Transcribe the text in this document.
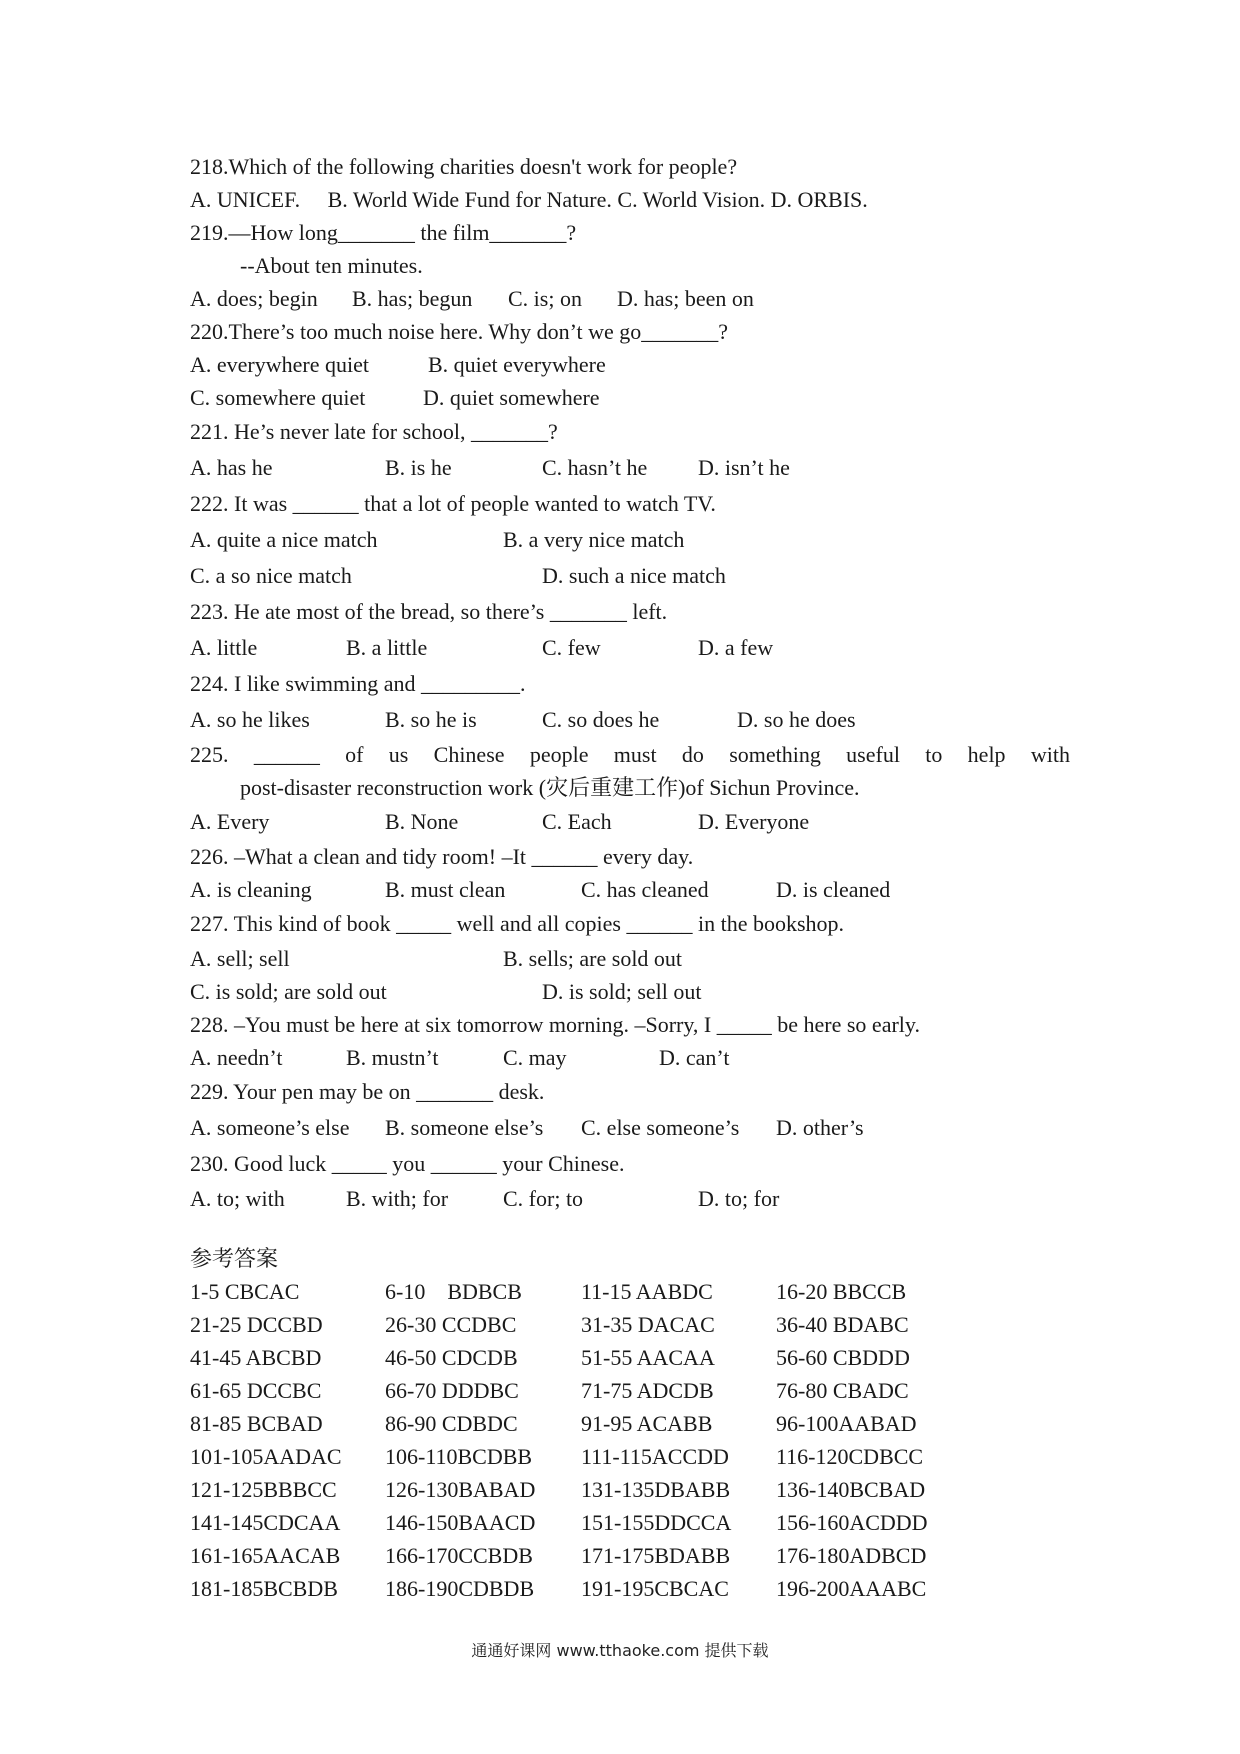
218.Which of the following charities doesn't work for people?
A. UNICEF. B. World Wide Fund for Nature. C. World Vision. D. ORBIS.
219.—How long_______ the film_______?
--About ten minutes.
A. does; begin B. has; begun C. is; on D. has; been on
220.There’s too much noise here. Why don’t we go_______?
A. everywhere quiet	B. quiet everywhere
C. somewhere quiet	D. quiet somewhere
221. He’s never late for school, _______?
A. has he	B. is he	C. hasn’t he D. isn’t he
222. It was ______ that a lot of people wanted to watch TV.
A. quite a nice match	B. a very nice match
C. a so nice match	D. such a nice match
223. He ate most of the bread, so there’s _______ left.
A. little	B. a little	C. few	D. a few
224. I like swimming and _________.
A. so he likes	B. so he is	C. so does he	D. so he does
225. ______ of us Chinese people must do something useful to help with
post-disaster reconstruction work (灾后重建工作)of Sichun Province.
A. Every	B. None	C. Each	D. Everyone
226. –What a clean and tidy room! –It ______ every day.
A. is cleaning	B. must clean	C. has cleaned	D. is cleaned
227. This kind of book _____ well and all copies ______ in the bookshop.
A. sell; sell	B. sells; are sold out
C. is sold; are sold out	D. is sold; sell out
228. –You must be here at six tomorrow morning. –Sorry, I _____ be here so early.
A. needn’t	B. mustn’t	C. may	D. can’t
229. Your pen may be on _______ desk.
A. someone’s else B. someone else’s C. else someone’s D. other’s
230. Good luck _____ you ______ your Chinese.
A. to; with	B. with; for C. for; to	D. to; for
参考答案
1-5 CBCAC	6-10    BDBCB	11-15 AABDC	16-20 BBCCB
21-25 DCCBD	26-30 CCDBC	31-35 DACAC	36-40 BDABC
41-45 ABCBD	46-50 CDCDB	51-55 AACAA	56-60 CBDDD
61-65 DCCBC	66-70 DDDBC	71-75 ADCDB	76-80 CBADC
81-85 BCBAD	86-90 CDBDC	91-95 ACABB	96-100AABAD
101-105AADAC 106-110BCDBB 111-115ACCDD 116-120CDBCC
121-125BBBCC 126-130BABAD 131-135DBABB 136-140BCBAD
141-145CDCAA 146-150BAACD 151-155DDCCA 156-160ACDDD
161-165AACAB 166-170CCBDB 171-175BDABB 176-180ADBCD
181-185BCBDB 186-190CDBDB 191-195CBCAC 196-200AAABC
通通好课网 www.tthaoke.com 提供下载
